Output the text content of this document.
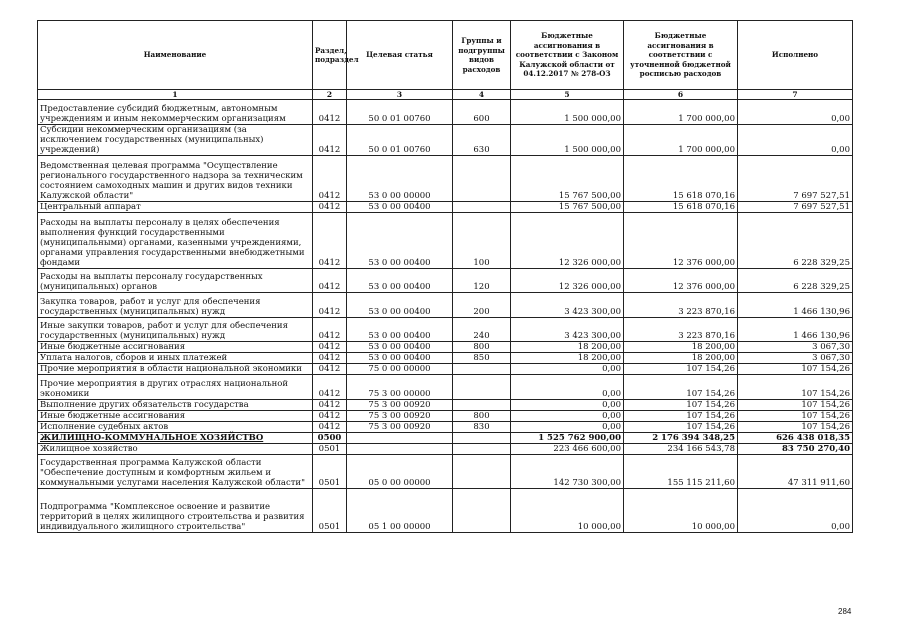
Наименование	Раздел, подраздел	Целевая статья	Группы и подгруппы видов расходов	Бюджетные ассигнования в соответствии с Законом Калужской области от 04.12.2017 № 278-ОЗ	Бюджетные ассигнования в соответствии с уточненной бюджетной росписью расходов	Исполнено
1	2	3	4	5	6	7
Предоставление субсидий бюджетным, автономным учреждениям и иным некоммерческим организациям	0412	50 0 01 00760	600	1 500 000,00	1 700 000,00	0,00
Субсидии некоммерческим организациям (за исключением государственных (муниципальных) учреждений)	0412	50 0 01 00760	630	1 500 000,00	1 700 000,00	0,00
Ведомственная целевая программа "Осуществление регионального государственного надзора за техническим состоянием самоходных машин и других видов техники Калужской области"	0412	53 0 00 00000		15 767 500,00	15 618 070,16	7 697 527,51
Центральный аппарат	0412	53 0 00 00400		15 767 500,00	15 618 070,16	7 697 527,51
Расходы на выплаты персоналу в целях обеспечения выполнения функций государственными (муниципальными) органами, казенными учреждениями, органами управления государственными внебюджетными фондами	0412	53 0 00 00400	100	12 326 000,00	12 376 000,00	6 228 329,25
Расходы на выплаты персоналу государственных (муниципальных) органов	0412	53 0 00 00400	120	12 326 000,00	12 376 000,00	6 228 329,25
Закупка товаров, работ и услуг для обеспечения государственных (муниципальных) нужд	0412	53 0 00 00400	200	3 423 300,00	3 223 870,16	1 466 130,96
Иные закупки товаров, работ и услуг для обеспечения государственных (муниципальных) нужд	0412	53 0 00 00400	240	3 423 300,00	3 223 870,16	1 466 130,96
Иные бюджетные ассигнования	0412	53 0 00 00400	800	18 200,00	18 200,00	3 067,30
Уплата налогов, сборов и иных платежей	0412	53 0 00 00400	850	18 200,00	18 200,00	3 067,30
Прочие мероприятия в области национальной экономики	0412	75 0 00 00000		0,00	107 154,26	107 154,26
Прочие мероприятия в других отраслях национальной экономики	0412	75 3 00 00000		0,00	107 154,26	107 154,26
Выполнение других обязательств государства	0412	75 3 00 00920		0,00	107 154,26	107 154,26
Иные бюджетные ассигнования	0412	75 3 00 00920	800	0,00	107 154,26	107 154,26
Исполнение судебных актов	0412	75 3 00 00920	830	0,00	107 154,26	107 154,26
ЖИЛИЩНО-КОММУНАЛЬНОЕ ХОЗЯЙСТВО	0500			1 525 762 900,00	2 176 394 348,25	626 438 018,35
Жилищное хозяйство	0501			223 466 600,00	234 166 543,78	83 750 270,40
Государственная программа Калужской области "Обеспечение доступным и комфортным жильем и коммунальными услугами населения Калужской области"	0501	05 0 00 00000		142 730 300,00	155 115 211,60	47 311 911,60
Подпрограмма "Комплексное освоение и развитие территорий в целях жилищного строительства и развития индивидуального жилищного строительства"	0501	05 1 00 00000		10 000,00	10 000,00	0,00
284
